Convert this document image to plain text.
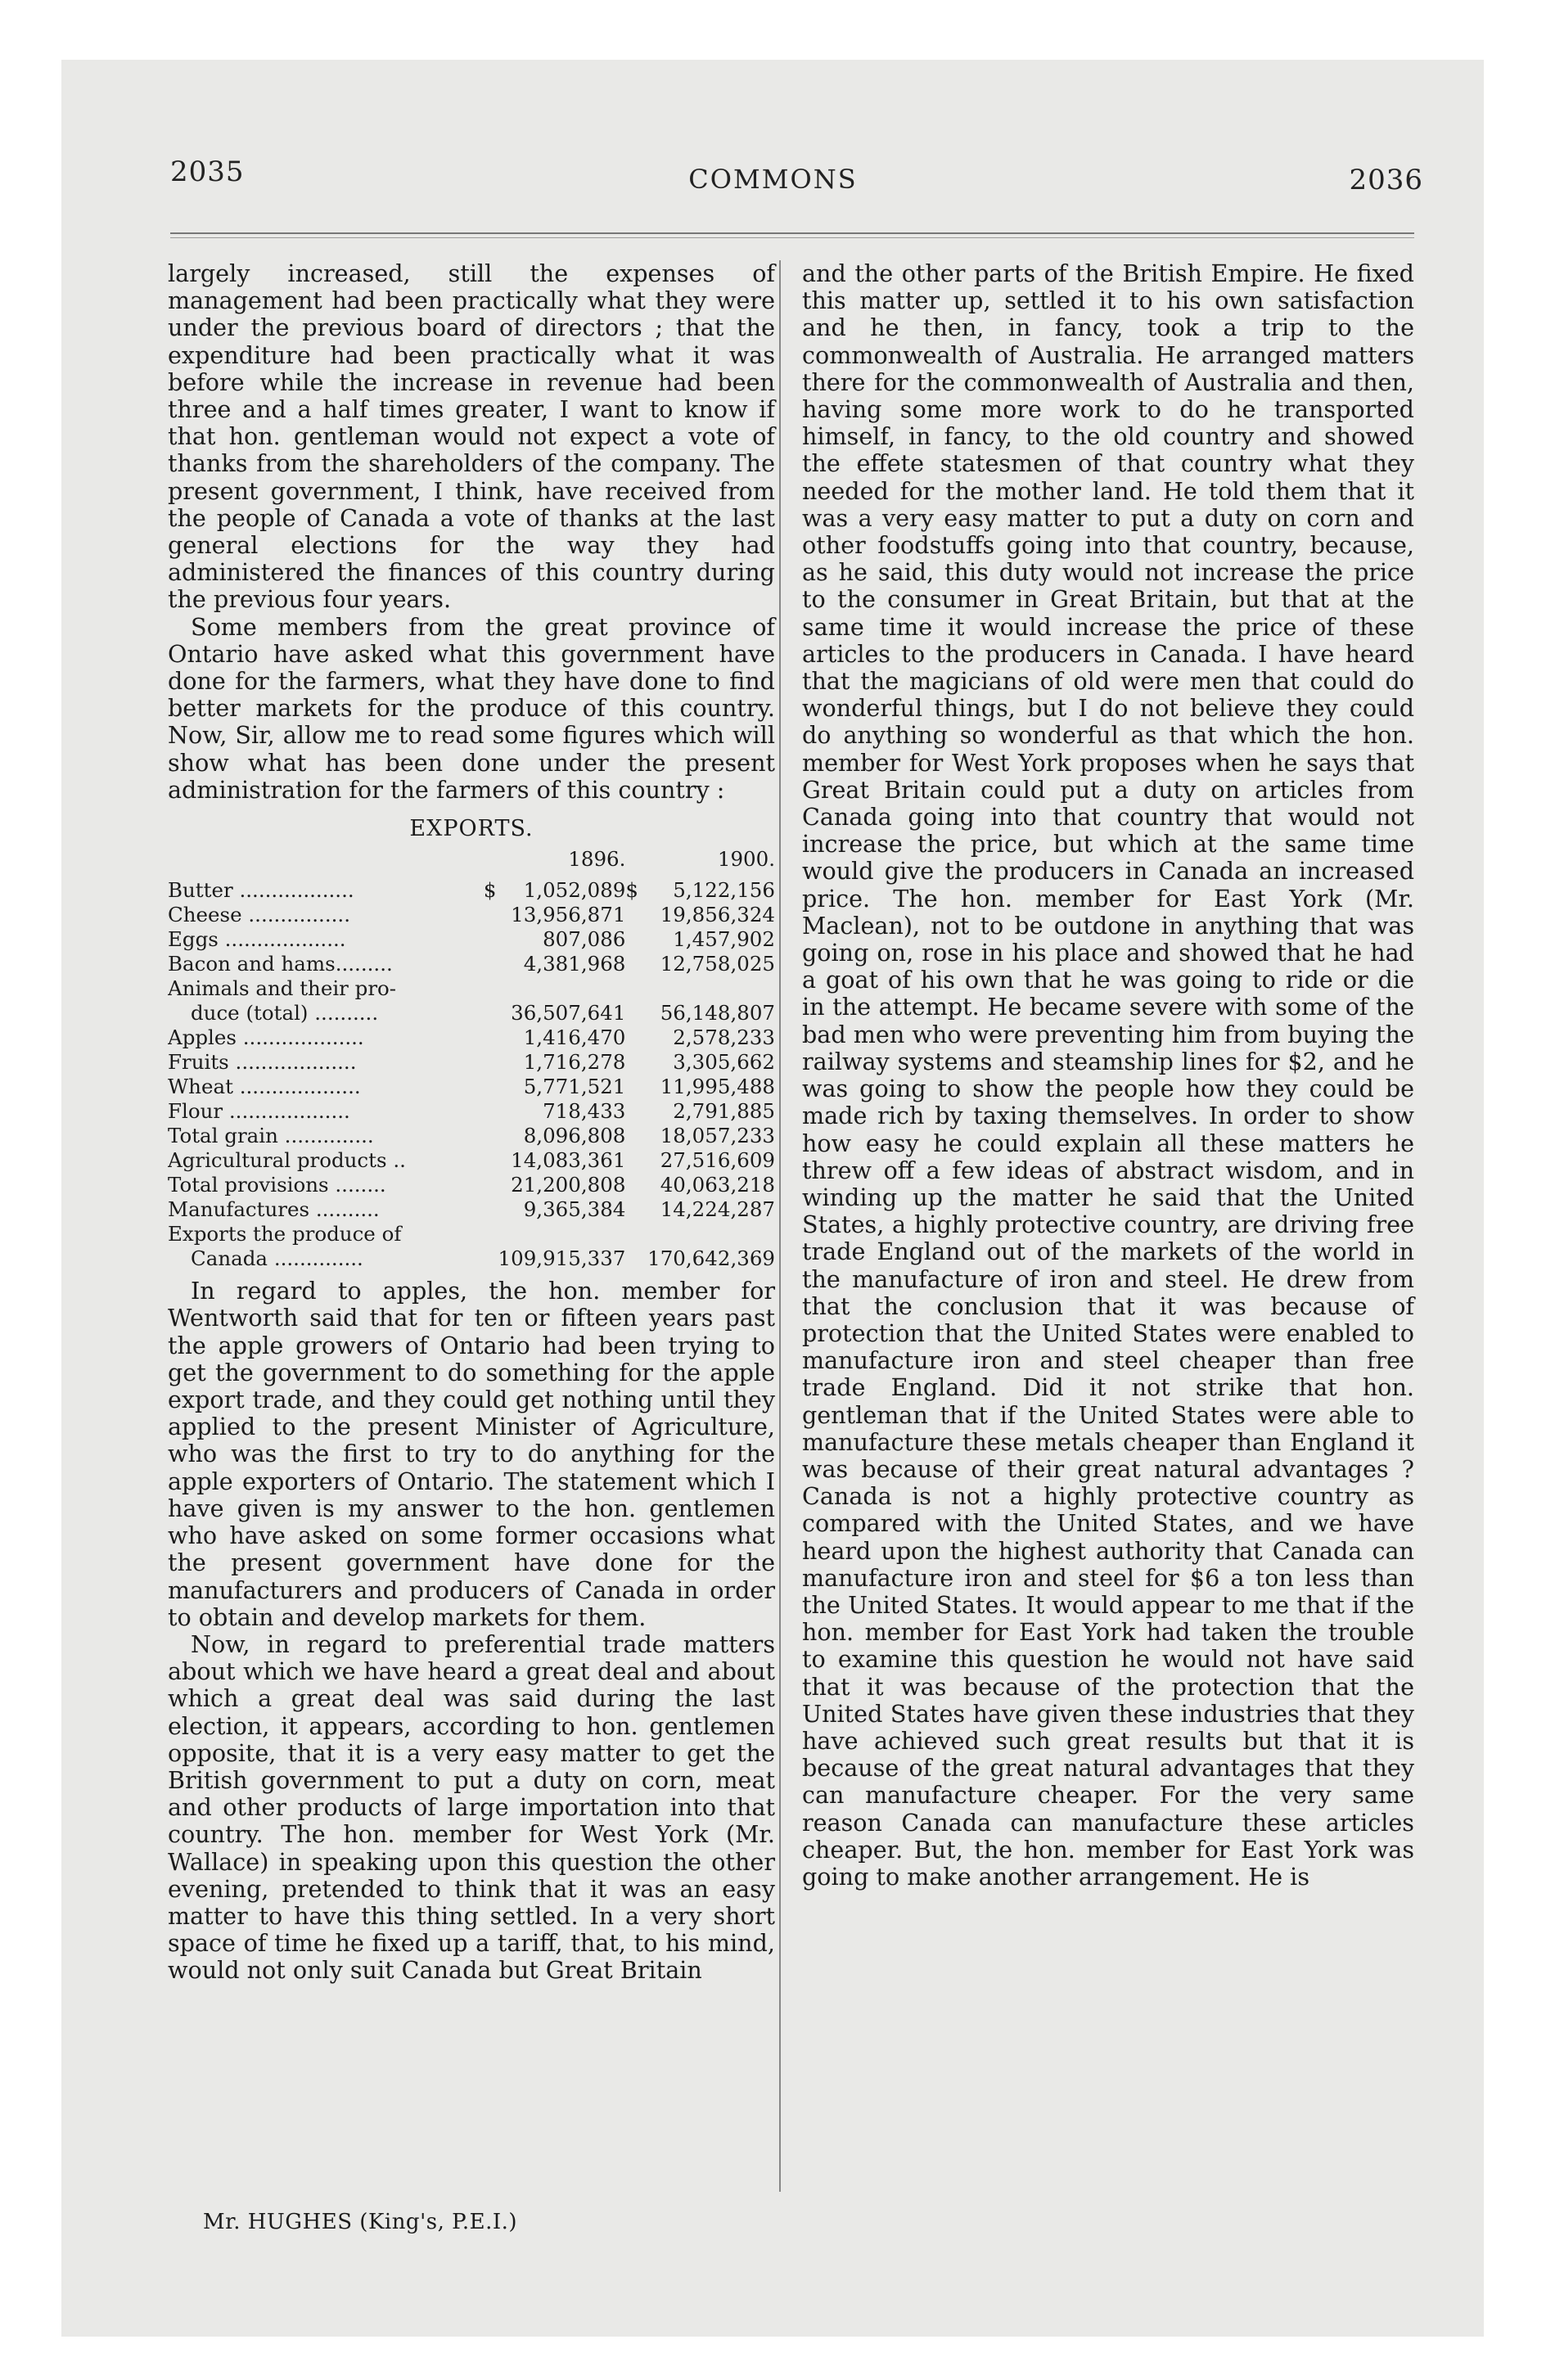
2035	COMMONS	2036

largely increased, still the expenses of management had been practically what they were under the previous board of directors ; that the expenditure had been practically what it was before while the increase in revenue had been three and a half times greater, I want to know if that hon. gentleman would not expect a vote of thanks from the shareholders of the company. The present government, I think, have received from the people of Canada a vote of thanks at the last general elections for the way they had administered the finances of this country during the previous four years.

Some members from the great province of Ontario have asked what this government have done for the farmers, what they have done to find better markets for the produce of this country. Now, Sir, allow me to read some figures which will show what has been done under the present administration for the farmers of this country :

EXPORTS.
		1896.		1900.
Butter ..................	$	1,052,089	$	5,122,156
Cheese ................		13,956,871		19,856,324
Eggs ...................		807,086		1,457,902
Bacon and hams.........		4,381,968		12,758,025
Animals and their pro-
duce (total) ..........		36,507,641		56,148,807
Apples ...................		1,416,470		2,578,233
Fruits ...................		1,716,278		3,305,662
Wheat ...................		5,771,521		11,995,488
Flour ...................		718,433		2,791,885
Total grain ..............		8,096,808		18,057,233
Agricultural products ..		14,083,361		27,516,609
Total provisions ........		21,200,808		40,063,218
Manufactures ..........		9,365,384		14,224,287
Exports the produce of
Canada ..............		109,915,337		170,642,369

In regard to apples, the hon. member for Wentworth said that for ten or fifteen years past the apple growers of Ontario had been trying to get the government to do something for the apple export trade, and they could get nothing until they applied to the present Minister of Agriculture, who was the first to try to do anything for the apple exporters of Ontario. The statement which I have given is my answer to the hon. gentlemen who have asked on some former occasions what the present government have done for the manufacturers and producers of Canada in order to obtain and develop markets for them.

Now, in regard to preferential trade matters about which we have heard a great deal and about which a great deal was said during the last election, it appears, according to hon. gentlemen opposite, that it is a very easy matter to get the British government to put a duty on corn, meat and other products of large importation into that country. The hon. member for West York (Mr. Wallace) in speaking upon this question the other evening, pretended to think that it was an easy matter to have this thing settled. In a very short space of time he fixed up a tariff, that, to his mind, would not only suit Canada but Great Britain

and the other parts of the British Empire. He fixed this matter up, settled it to his own satisfaction and he then, in fancy, took a trip to the commonwealth of Australia. He arranged matters there for the commonwealth of Australia and then, having some more work to do he transported himself, in fancy, to the old country and showed the effete statesmen of that country what they needed for the mother land. He told them that it was a very easy matter to put a duty on corn and other foodstuffs going into that country, because, as he said, this duty would not increase the price to the consumer in Great Britain, but that at the same time it would increase the price of these articles to the producers in Canada. I have heard that the magicians of old were men that could do wonderful things, but I do not believe they could do anything so wonderful as that which the hon. member for West York proposes when he says that Great Britain could put a duty on articles from Canada going into that country that would not increase the price, but which at the same time would give the producers in Canada an increased price. The hon. member for East York (Mr. Maclean), not to be outdone in anything that was going on, rose in his place and showed that he had a goat of his own that he was going to ride or die in the attempt. He became severe with some of the bad men who were preventing him from buying the railway systems and steamship lines for $2, and he was going to show the people how they could be made rich by taxing themselves. In order to show how easy he could explain all these matters he threw off a few ideas of abstract wisdom, and in winding up the matter he said that the United States, a highly protective country, are driving free trade England out of the markets of the world in the manufacture of iron and steel. He drew from that the conclusion that it was because of protection that the United States were enabled to manufacture iron and steel cheaper than free trade England. Did it not strike that hon. gentleman that if the United States were able to manufacture these metals cheaper than England it was because of their great natural advantages ? Canada is not a highly protective country as compared with the United States, and we have heard upon the highest authority that Canada can manufacture iron and steel for $6 a ton less than the United States. It would appear to me that if the hon. member for East York had taken the trouble to examine this question he would not have said that it was because of the protection that the United States have given these industries that they have achieved such great results but that it is because of the great natural advantages that they can manufacture cheaper. For the very same reason Canada can manufacture these articles cheaper. But, the hon. member for East York was going to make another arrangement. He is

Mr. HUGHES (King's, P.E.I.)
